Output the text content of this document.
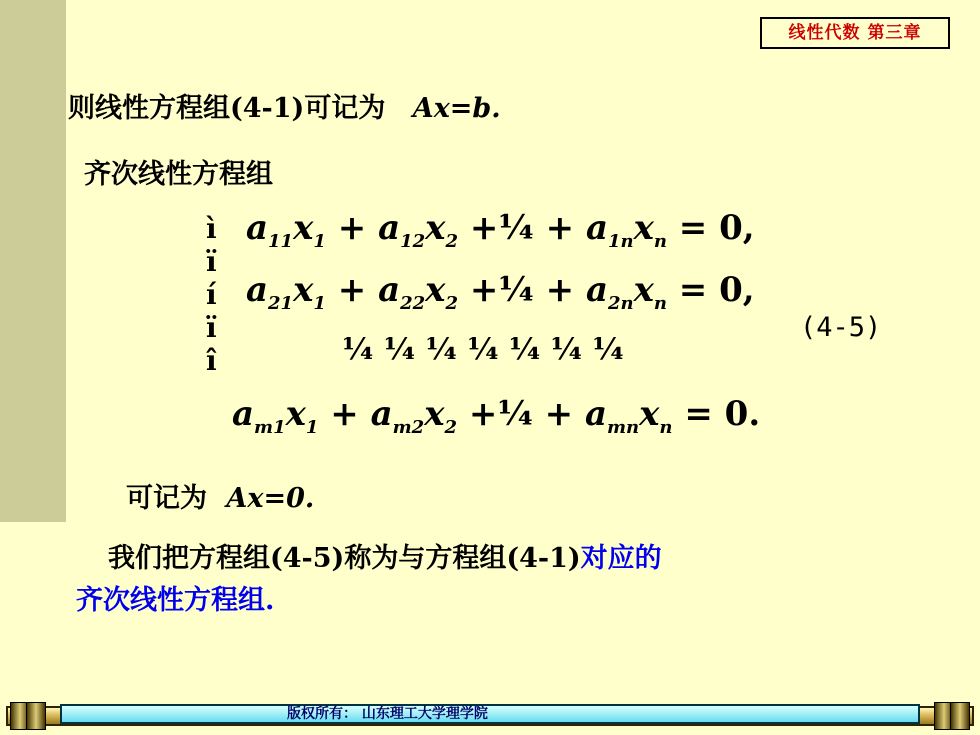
线性代数 第三章
则线性方程组(4-1)可记为 Ax=b.
齐次线性方程组
ì
ï
í
ï
î
$a_{11}x_1 + a_{12}x_2$ +¼ + $a_{1n}x_n = 0$,
$a_{21}x_1 + a_{22}x_2$ +¼ + $a_{2n}x_n = 0$,
¼ ¼ ¼ ¼ ¼ ¼ ¼
$a_{m1}x_1 + a_{m2}x_2$ +¼ + $a_{mn}x_n = 0$.
(4-5)
可记为 Ax=0.
我们把方程组(4-5)称为与方程组(4-1)对应的
齐次线性方程组.
版权所有： 山东理工大学理学院
